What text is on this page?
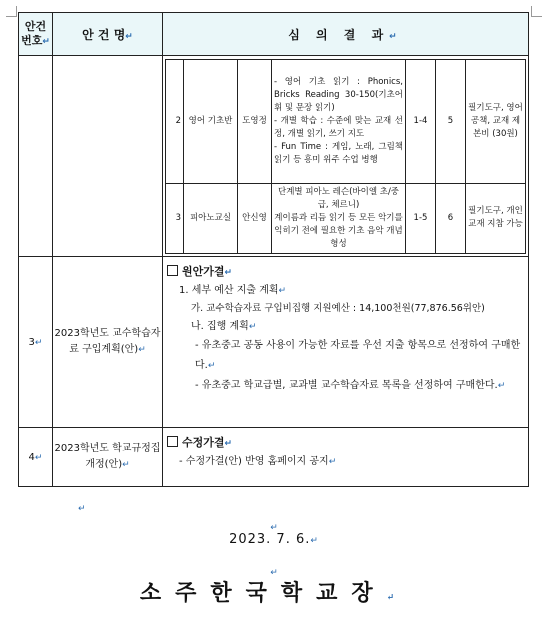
안건 번호↵	안 건 명↵	심 의 결 과↵

2	영어 기초반	도영정	- 영어 기초 읽기 : Phonics, Bricks Reading 30-150(기초어휘 및 문장 읽기)
- 개별 학습 : 수준에 맞는 교재 선정, 개별 읽기, 쓰기 지도
- Fun Time : 게임, 노래, 그림책 읽기 등 흥미 위주 수업 병행	1-4	5	필기도구, 영어공책, 교재 제본비 (30원)
3	피아노교실	안신영	단계별 피아노 레슨(바이엘 초/중급, 체르니)
계이름과 리듬 읽기 등 모든 악기를 익히기 전에 필요한 기초 음악 개념 형성	1-5	6	필기도구, 개인 교재 지참 가능

3↵	2023학년도 교수학습자료 구입계획(안)↵	
원안가결↵
1. 세부 예산 지출 계획↵
가. 교수학습자료 구입비집행 지원예산 : 14,100천원(77,876.56위안)
나. 집행 계획↵
- 유초중고 공동 사용이 가능한 자료를 우선 지출 항목으로 선정하여 구매한다.↵
- 유초중고 학교급별, 교과별 교수학습자료 목록을 선정하여 구매한다.↵

4↵	2023학년도 학교규정집 개정(안)↵	
수정가결↵
- 수정가결(안) 반영 홈페이지 공지↵
↵
↵
2023. 7. 6.↵
↵
소주한국학교장↵
